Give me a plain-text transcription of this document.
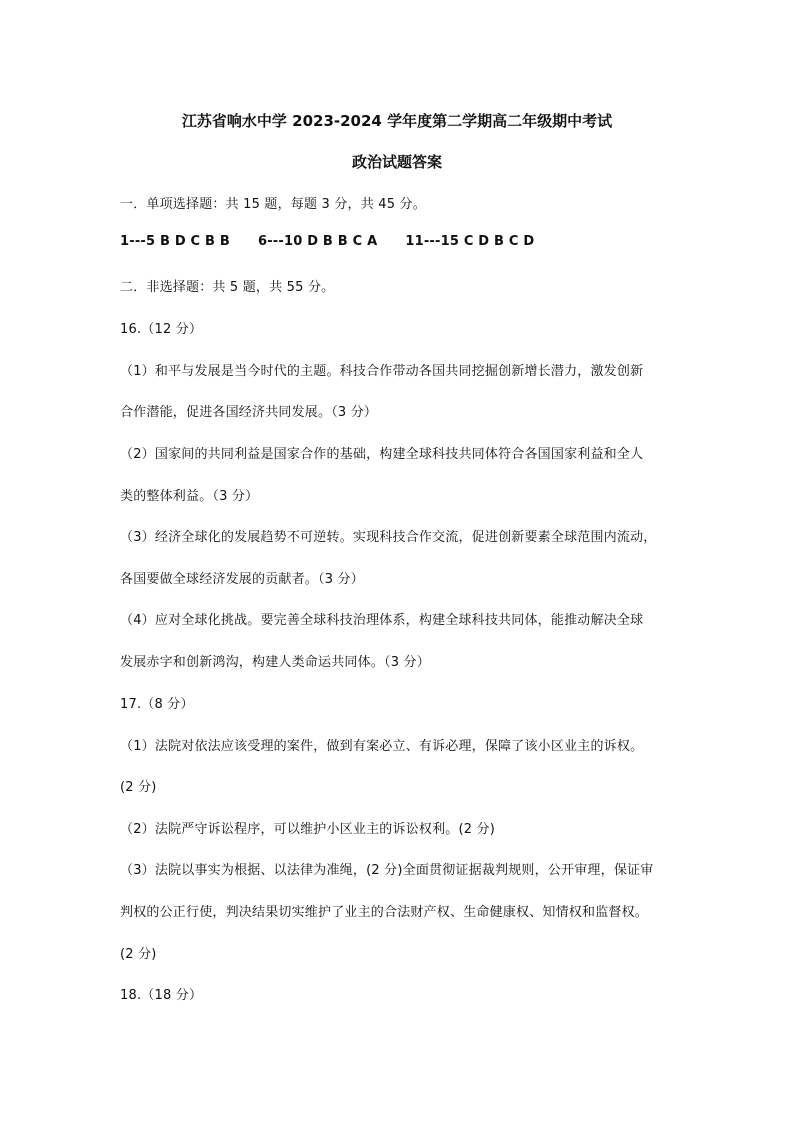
江苏省响水中学 2023-2024 学年度第二学期高二年级期中考试
政治试题答案
一．单项选择题：共 15 题，每题 3 分，共 45 分。
1---5 B D C B B 6---10 D B B C A 11---15 C D B C D
二．非选择题：共 5 题，共 55 分。
16.（12 分）
（1）和平与发展是当今时代的主题。科技合作带动各国共同挖掘创新增长潜力，激发创新
合作潜能，促进各国经济共同发展。（3 分）
（2）国家间的共同利益是国家合作的基础，构建全球科技共同体符合各国国家利益和全人
类的整体利益。（3 分）
（3）经济全球化的发展趋势不可逆转。实现科技合作交流，促进创新要素全球范围内流动，
各国要做全球经济发展的贡献者。（3 分）
（4）应对全球化挑战。要完善全球科技治理体系，构建全球科技共同体，能推动解决全球
发展赤字和创新鸿沟，构建人类命运共同体。（3 分）
17.（8 分）
（1）法院对依法应该受理的案件，做到有案必立、有诉必理，保障了该小区业主的诉权。
(2 分)
（2）法院严守诉讼程序，可以维护小区业主的诉讼权利。(2 分)
（3）法院以事实为根据、以法律为准绳，(2 分)全面贯彻证据裁判规则，公开审理，保证审
判权的公正行使，判决结果切实维护了业主的合法财产权、生命健康权、知情权和监督权。
(2 分)
18.（18 分）
